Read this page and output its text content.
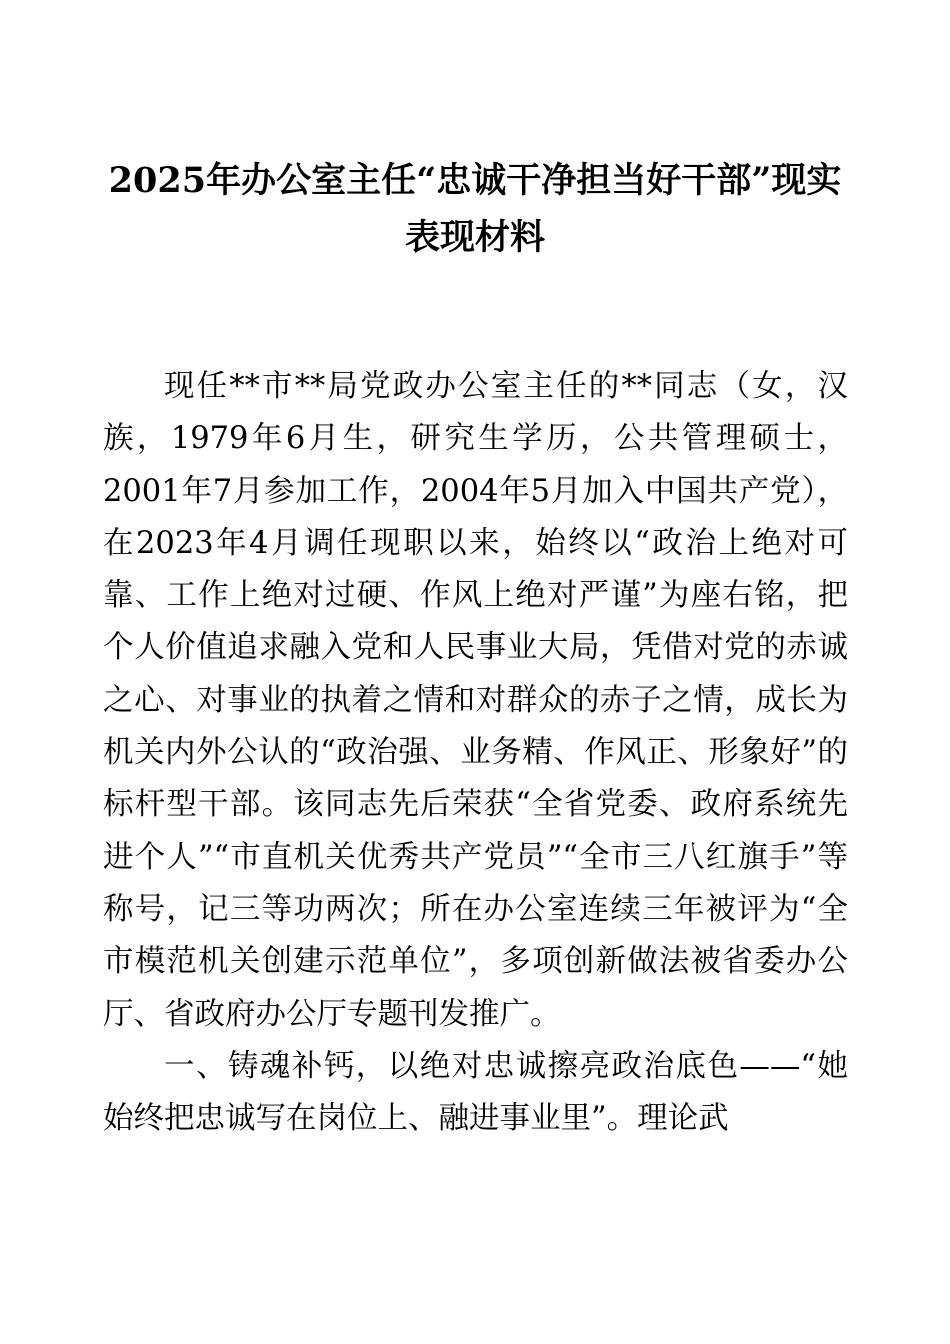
2025年办公室主任“忠诚干净担当好干部”现实
表现材料

现任**市**局党政办公室主任的**同志（女，汉族，1979年6月生，研究生学历，公共管理硕士，2001年7月参加工作，2004年5月加入中国共产党），在2023年4月调任现职以来，始终以“政治上绝对可靠、工作上绝对过硬、作风上绝对严谨”为座右铭，把个人价值追求融入党和人民事业大局，凭借对党的赤诚之心、对事业的执着之情和对群众的赤子之情，成长为机关内外公认的“政治强、业务精、作风正、形象好”的标杆型干部。该同志先后荣获“全省党委、政府系统先进个人”“市直机关优秀共产党员”“全市三八红旗手”等称号，记三等功两次；所在办公室连续三年被评为“全市模范机关创建示范单位”，多项创新做法被省委办公厅、省政府办公厅专题刊发推广。

一、铸魂补钙，以绝对忠诚擦亮政治底色——“她始终把忠诚写在岗位上、融进事业里”。理论武
